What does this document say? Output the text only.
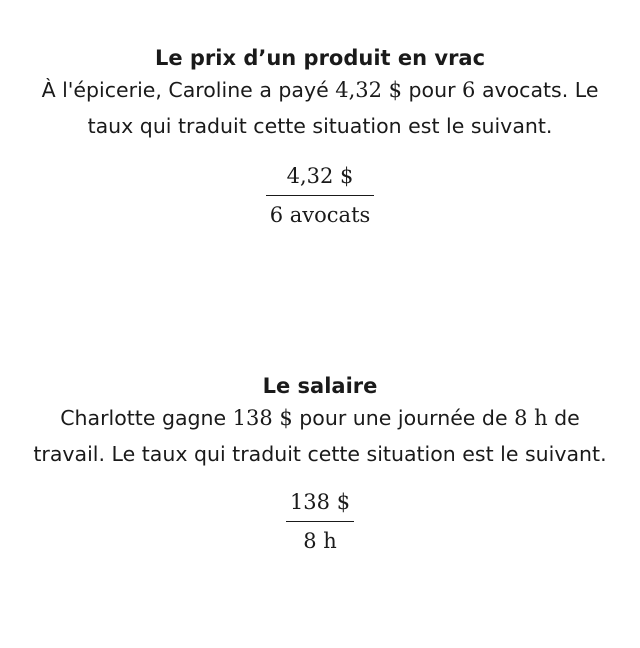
Le prix d’un produit en vrac
À l'épicerie, Caroline a payé 4,32 $ pour 6 avocats. Le taux qui traduit cette situation est le suivant.
$\frac{4,32 \$}{\text{6 avocats}}$
Le salaire
Charlotte gagne 138 $ pour une journée de 8 h de travail. Le taux qui traduit cette situation est le suivant.
$\frac{138 \$}{8 h}$
